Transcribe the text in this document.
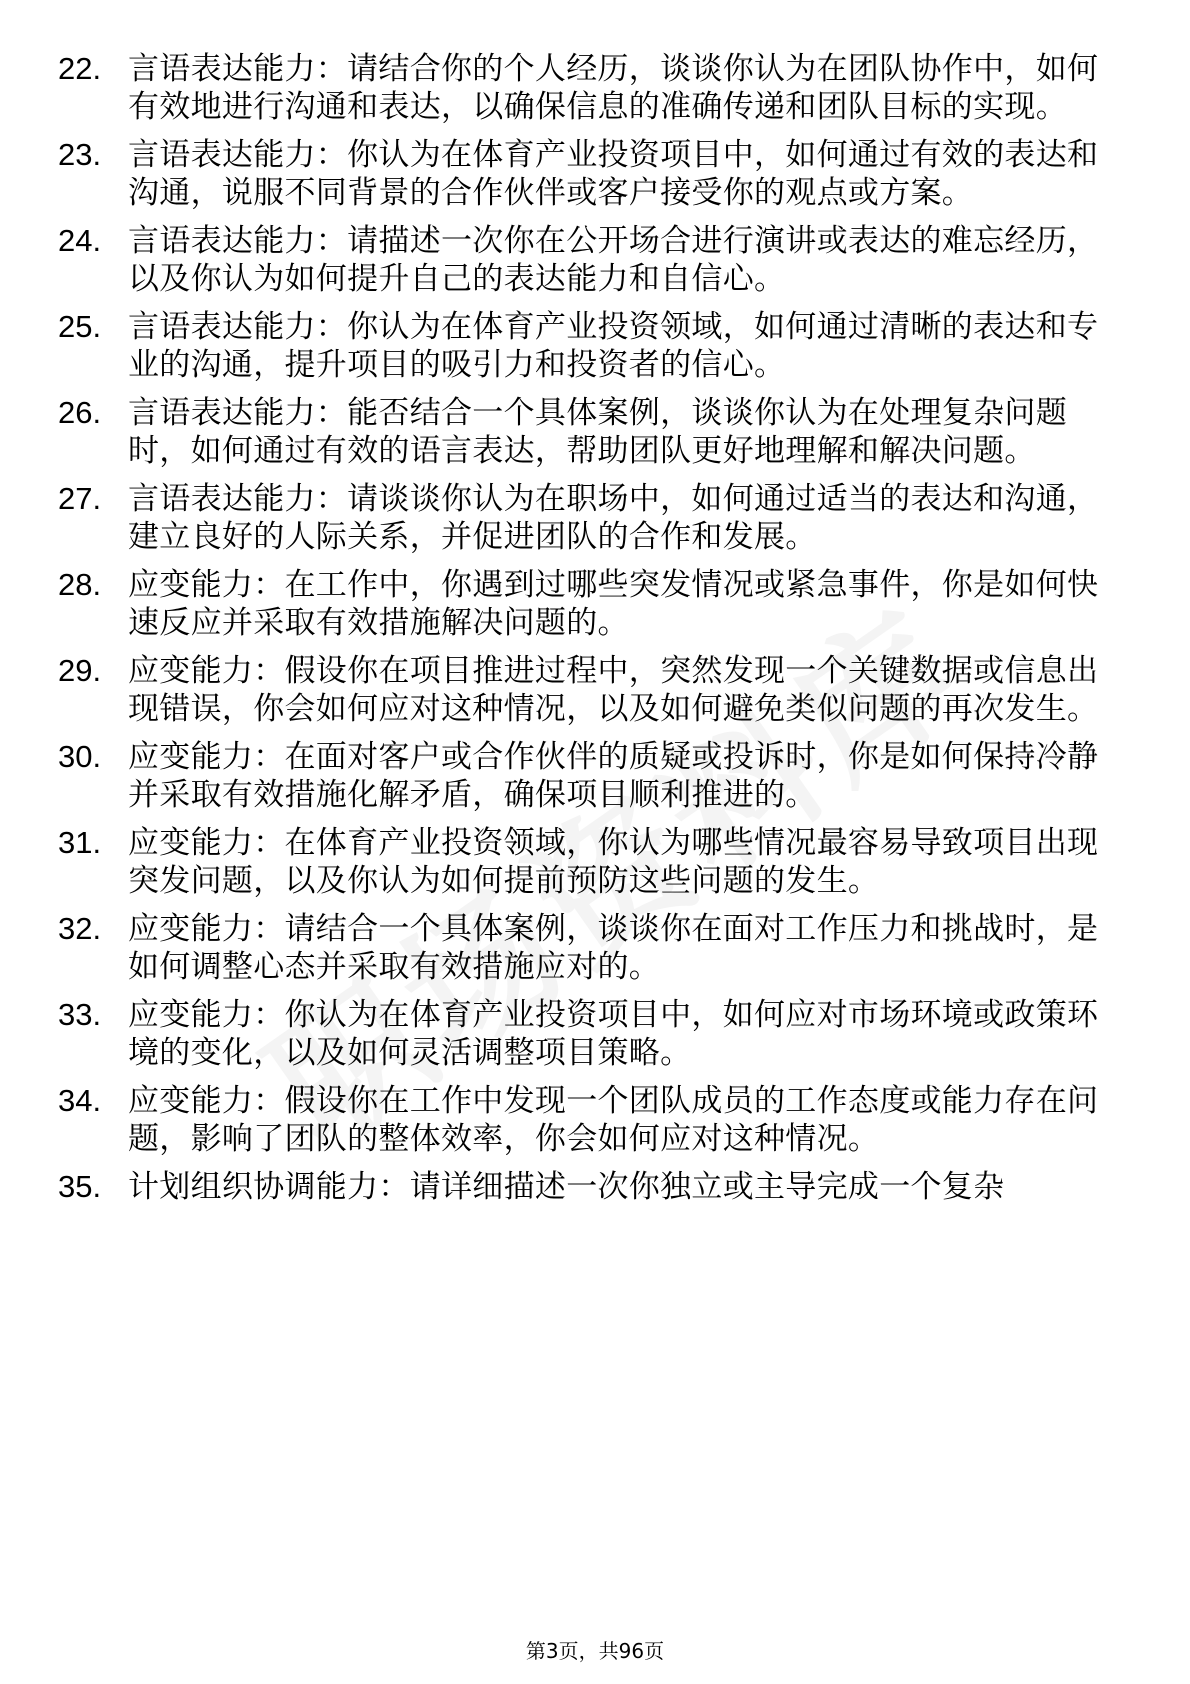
22. 言语表达能力：请结合你的个人经历，谈谈你认为在团队协作中，如何有效地进行沟通和表达，以确保信息的准确传递和团队目标的实现。
23. 言语表达能力：你认为在体育产业投资项目中，如何通过有效的表达和沟通，说服不同背景的合作伙伴或客户接受你的观点或方案。
24. 言语表达能力：请描述一次你在公开场合进行演讲或表达的难忘经历，以及你认为如何提升自己的表达能力和自信心。
25. 言语表达能力：你认为在体育产业投资领域，如何通过清晰的表达和专业的沟通，提升项目的吸引力和投资者的信心。
26. 言语表达能力：能否结合一个具体案例，谈谈你认为在处理复杂问题时，如何通过有效的语言表达，帮助团队更好地理解和解决问题。
27. 言语表达能力：请谈谈你认为在职场中，如何通过适当的表达和沟通，建立良好的人际关系，并促进团队的合作和发展。
28. 应变能力：在工作中，你遇到过哪些突发情况或紧急事件，你是如何快速反应并采取有效措施解决问题的。
29. 应变能力：假设你在项目推进过程中，突然发现一个关键数据或信息出现错误，你会如何应对这种情况，以及如何避免类似问题的再次发生。
30. 应变能力：在面对客户或合作伙伴的质疑或投诉时，你是如何保持冷静并采取有效措施化解矛盾，确保项目顺利推进的。
31. 应变能力：在体育产业投资领域，你认为哪些情况最容易导致项目出现突发问题，以及你认为如何提前预防这些问题的发生。
32. 应变能力：请结合一个具体案例，谈谈你在面对工作压力和挑战时，是如何调整心态并采取有效措施应对的。
33. 应变能力：你认为在体育产业投资项目中，如何应对市场环境或政策环境的变化，以及如何灵活调整项目策略。
34. 应变能力：假设你在工作中发现一个团队成员的工作态度或能力存在问题，影响了团队的整体效率，你会如何应对这种情况。
35. 计划组织协调能力：请详细描述一次你独立或主导完成一个复杂
第3页，共96页
